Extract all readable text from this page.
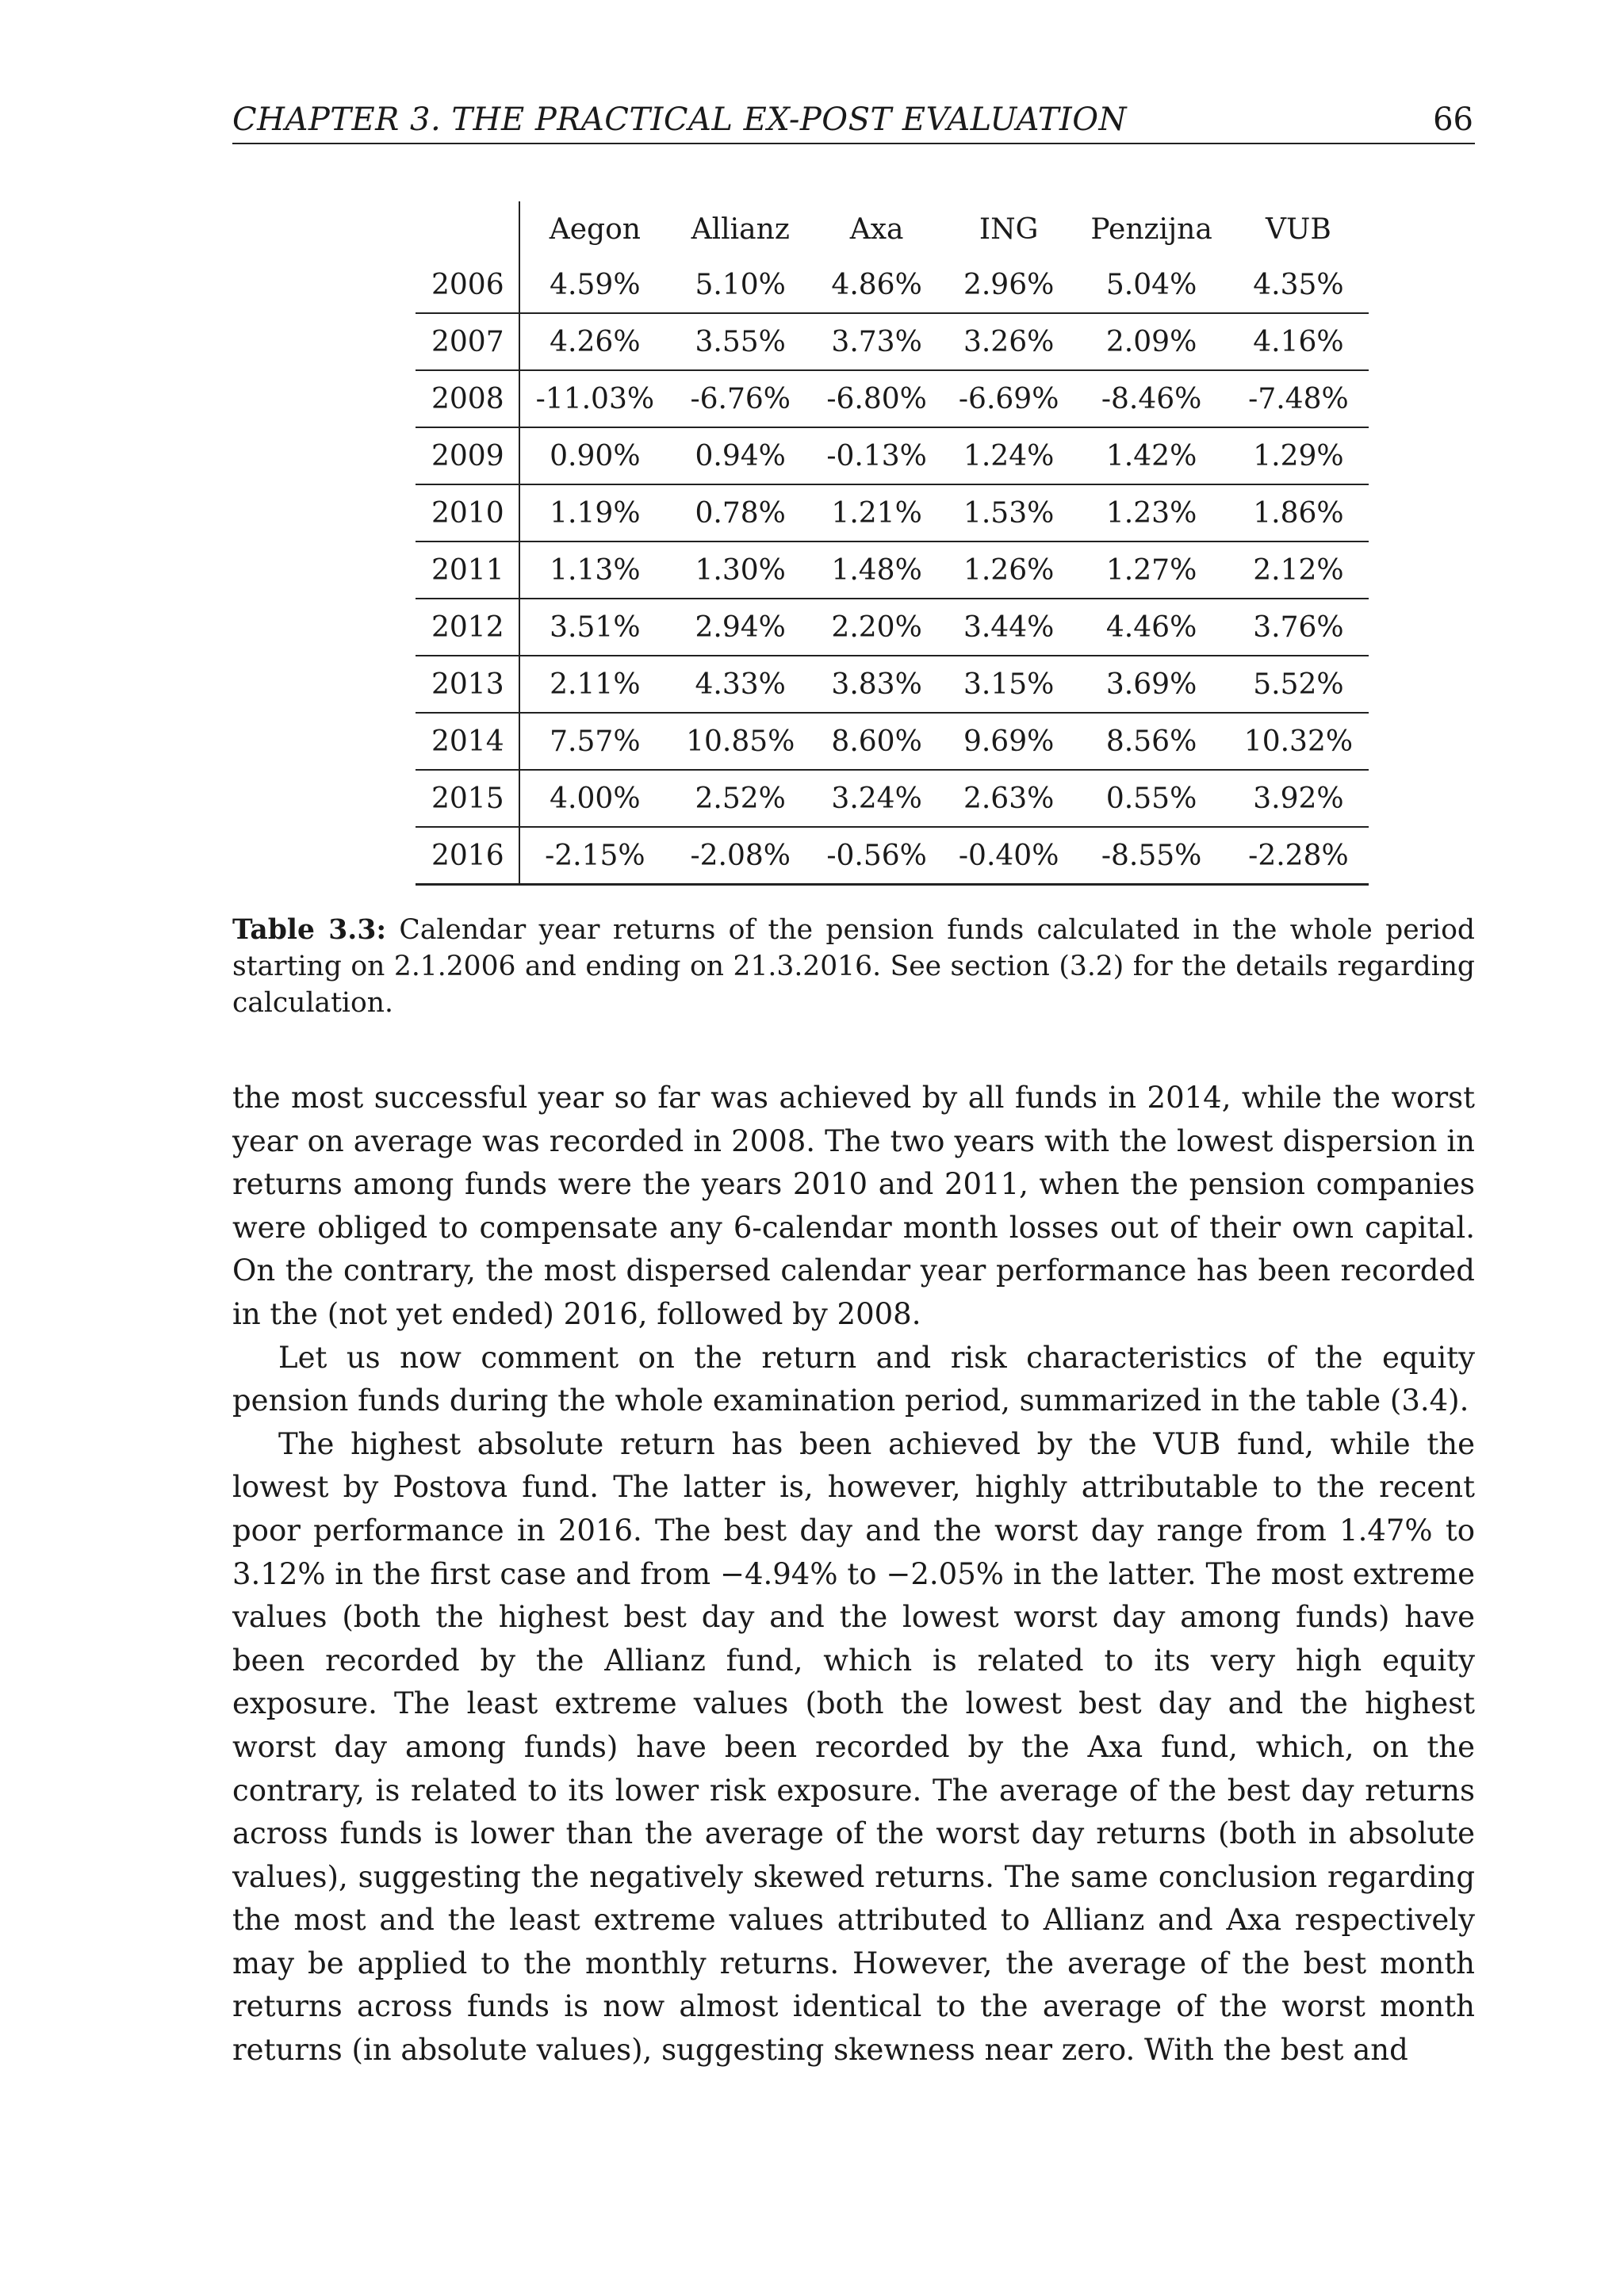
CHAPTER 3. THE PRACTICAL EX-POST EVALUATION	66
	Aegon	Allianz	Axa	ING	Penzijna	VUB
2006	4.59%	5.10%	4.86%	2.96%	5.04%	4.35%
2007	4.26%	3.55%	3.73%	3.26%	2.09%	4.16%
2008	-11.03%	-6.76%	-6.80%	-6.69%	-8.46%	-7.48%
2009	0.90%	0.94%	-0.13%	1.24%	1.42%	1.29%
2010	1.19%	0.78%	1.21%	1.53%	1.23%	1.86%
2011	1.13%	1.30%	1.48%	1.26%	1.27%	2.12%
2012	3.51%	2.94%	2.20%	3.44%	4.46%	3.76%
2013	2.11%	4.33%	3.83%	3.15%	3.69%	5.52%
2014	7.57%	10.85%	8.60%	9.69%	8.56%	10.32%
2015	4.00%	2.52%	3.24%	2.63%	0.55%	3.92%
2016	-2.15%	-2.08%	-0.56%	-0.40%	-8.55%	-2.28%
Table 3.3: Calendar year returns of the pension funds calculated in the whole period starting on 2.1.2006 and ending on 21.3.2016. See section (3.2) for the details regarding calculation.

the most successful year so far was achieved by all funds in 2014, while the worst year on average was recorded in 2008. The two years with the lowest dispersion in returns among funds were the years 2010 and 2011, when the pension companies were obliged to compensate any 6-calendar month losses out of their own capital. On the contrary, the most dispersed calendar year performance has been recorded in the (not yet ended) 2016, followed by 2008.

Let us now comment on the return and risk characteristics of the equity pension funds during the whole examination period, summarized in the table (3.4).

The highest absolute return has been achieved by the VUB fund, while the lowest by Postova fund. The latter is, however, highly attributable to the recent poor performance in 2016. The best day and the worst day range from 1.47% to 3.12% in the first case and from −4.94% to −2.05% in the latter. The most extreme values (both the highest best day and the lowest worst day among funds) have been recorded by the Allianz fund, which is related to its very high equity exposure. The least extreme values (both the lowest best day and the highest worst day among funds) have been recorded by the Axa fund, which, on the contrary, is related to its lower risk exposure. The average of the best day returns across funds is lower than the average of the worst day returns (both in absolute values), suggesting the negatively skewed returns. The same conclusion regarding the most and the least extreme values attributed to Allianz and Axa respectively may be applied to the monthly returns. However, the average of the best month returns across funds is now almost identical to the average of the worst month returns (in absolute values), suggesting skewness near zero. With the best and
